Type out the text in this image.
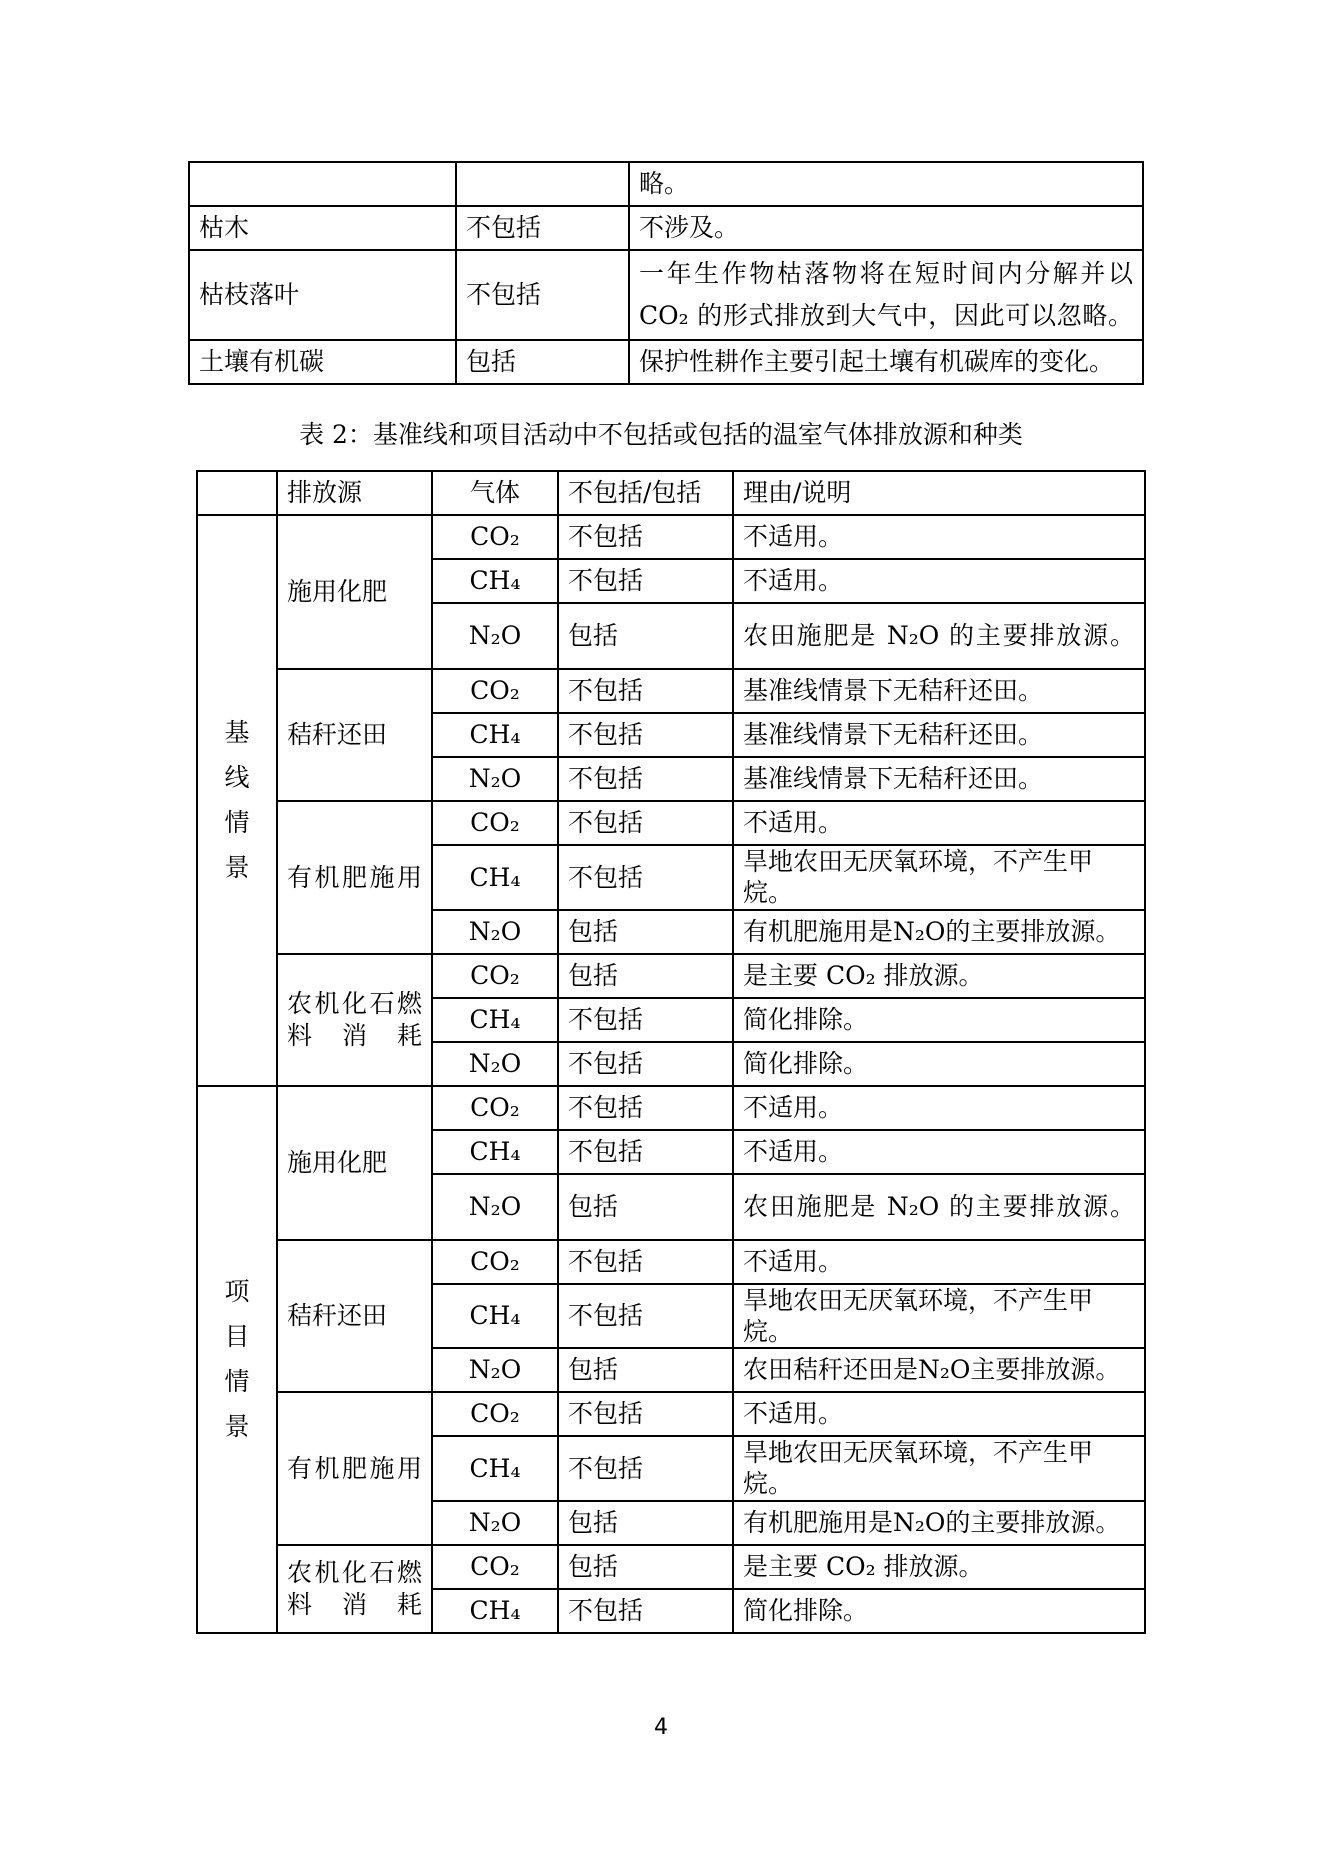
		略。
枯木	不包括	不涉及。
枯枝落叶	不包括	一年生作物枯落物将在短时间内分解并以CO₂ 的形式排放到大气中，因此可以忽略。
土壤有机碳	包括	保护性耕作主要引起土壤有机碳库的变化。
表 2：基准线和项目活动中不包括或包括的温室气体排放源和种类
	排放源	气体	不包括/包括	理由/说明
基线情景	施用化肥	CO₂	不包括	不适用。
		CH₄	不包括	不适用。
		N₂O	包括	农田施肥是 N₂O 的主要排放源。
	秸秆还田	CO₂	不包括	基准线情景下无秸秆还田。
		CH₄	不包括	基准线情景下无秸秆还田。
		N₂O	不包括	基准线情景下无秸秆还田。
	有机肥施用	CO₂	不包括	不适用。
		CH₄	不包括	旱地农田无厌氧环境，不产生甲烷。
		N₂O	包括	有机肥施用是N₂O的主要排放源。
	农机化石燃料消耗	CO₂	包括	是主要 CO₂ 排放源。
		CH₄	不包括	简化排除。
		N₂O	不包括	简化排除。
项目情景	施用化肥	CO₂	不包括	不适用。
		CH₄	不包括	不适用。
		N₂O	包括	农田施肥是 N₂O 的主要排放源。
	秸秆还田	CO₂	不包括	不适用。
		CH₄	不包括	旱地农田无厌氧环境，不产生甲烷。
		N₂O	包括	农田秸秆还田是N₂O主要排放源。
	有机肥施用	CO₂	不包括	不适用。
		CH₄	不包括	旱地农田无厌氧环境，不产生甲烷。
		N₂O	包括	有机肥施用是N₂O的主要排放源。
	农机化石燃料消耗	CO₂	包括	是主要 CO₂ 排放源。
		CH₄	不包括	简化排除。
4
